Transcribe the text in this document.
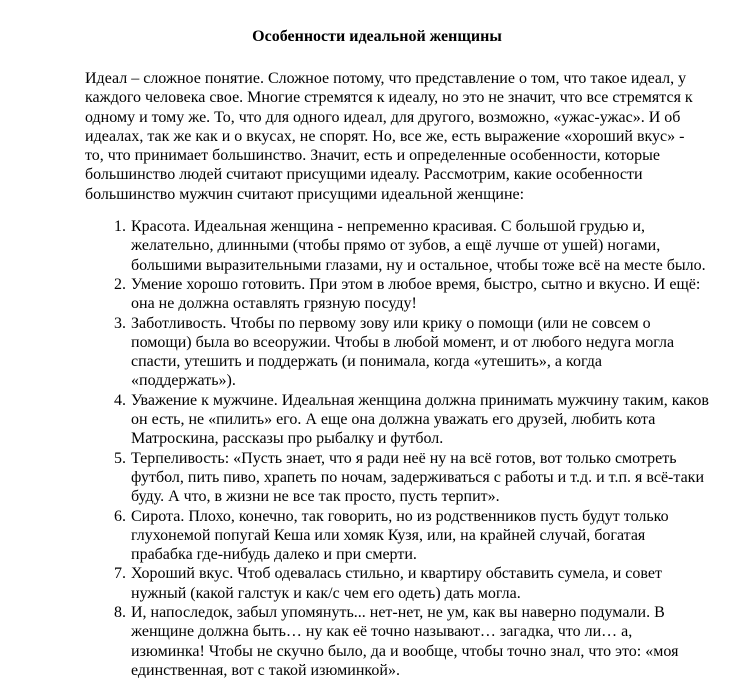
Особенности идеальной женщины

Идеал – сложное понятие. Сложное потому, что представление о том, что такое идеал, у каждого человека свое. Многие стремятся к идеалу, но это не значит, что все стремятся к одному и тому же. То, что для одного идеал, для другого, возможно, «ужас-ужас». И об идеалах, так же как и о вкусах, не спорят. Но, все же, есть выражение «хороший вкус» - то, что принимает большинство. Значит, есть и определенные особенности, которые большинство людей считают присущими идеалу. Рассмотрим, какие особенности большинство мужчин считают присущими идеальной женщине:

1. Красота. Идеальная женщина - непременно красивая. С большой грудью и, желательно, длинными (чтобы прямо от зубов, а ещё лучше от ушей) ногами, большими выразительными глазами, ну и остальное, чтобы тоже всё на месте было.
2. Умение хорошо готовить. При этом в любое время, быстро, сытно и вкусно. И ещё: она не должна оставлять грязную посуду!
3. Заботливость. Чтобы по первому зову или крику о помощи (или не совсем о помощи) была во всеоружии. Чтобы в любой момент, и от любого недуга могла спасти, утешить и поддержать (и понимала, когда «утешить», а когда «поддержать»).
4. Уважение к мужчине. Идеальная женщина должна принимать мужчину таким, каков он есть, не «пилить» его. А еще она должна уважать его друзей, любить кота Матроскина, рассказы про рыбалку и футбол.
5. Терпеливость: «Пусть знает, что я ради неё ну на всё готов, вот только смотреть футбол, пить пиво, храпеть по ночам, задерживаться с работы и т.д. и т.п. я всё-таки буду. А что, в жизни не все так просто, пусть терпит».
6. Сирота. Плохо, конечно, так говорить, но из родственников пусть будут только глухонемой попугай Кеша или хомяк Кузя, или, на крайней случай, богатая прабабка где-нибудь далеко и при смерти.
7. Хороший вкус. Чтоб одевалась стильно, и квартиру обставить сумела, и совет нужный (какой галстук и как/с чем его одеть) дать могла.
8. И, напоследок, забыл упомянуть... нет-нет, не ум, как вы наверно подумали. В женщине должна быть… ну как её точно называют… загадка, что ли… а, изюминка! Чтобы не скучно было, да и вообще, чтобы точно знал, что это: «моя единственная, вот с такой изюминкой».
